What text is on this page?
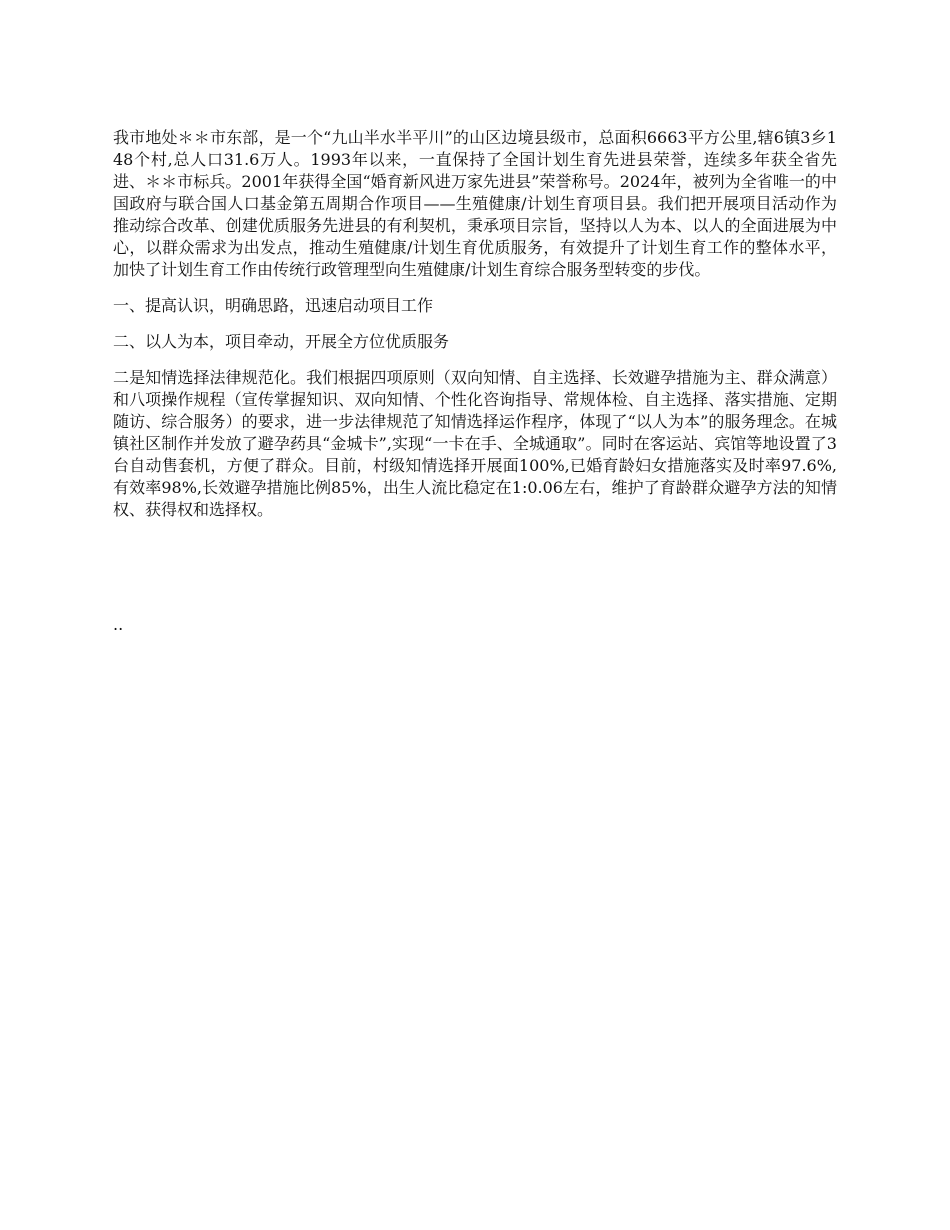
我市地处＊＊市东部，是一个“九山半水半平川”的山区边境县级市，总面积6663平方公里,辖6镇3乡148个村,总人口31.6万人。1993年以来，一直保持了全国计划生育先进县荣誉，连续多年获全省先进、＊＊市标兵。2001年获得全国“婚育新风进万家先进县”荣誉称号。2024年，被列为全省唯一的中国政府与联合国人口基金第五周期合作项目——生殖健康/计划生育项目县。我们把开展项目活动作为推动综合改革、创建优质服务先进县的有利契机，秉承项目宗旨，坚持以人为本、以人的全面进展为中心，以群众需求为出发点，推动生殖健康/计划生育优质服务，有效提升了计划生育工作的整体水平，加快了计划生育工作由传统行政管理型向生殖健康/计划生育综合服务型转变的步伐。

一、提高认识，明确思路，迅速启动项目工作

二、以人为本，项目牵动，开展全方位优质服务

二是知情选择法律规范化。我们根据四项原则（双向知情、自主选择、长效避孕措施为主、群众满意）和八项操作规程（宣传掌握知识、双向知情、个性化咨询指导、常规体检、自主选择、落实措施、定期随访、综合服务）的要求，进一步法律规范了知情选择运作程序，体现了“以人为本”的服务理念。在城镇社区制作并发放了避孕药具“金城卡”,实现“一卡在手、全城通取”。同时在客运站、宾馆等地设置了3台自动售套机，方便了群众。目前，村级知情选择开展面100%,已婚育龄妇女措施落实及时率97.6%,有效率98%,长效避孕措施比例85%，出生人流比稳定在1:0.06左右，维护了育龄群众避孕方法的知情权、获得权和选择权。

..
